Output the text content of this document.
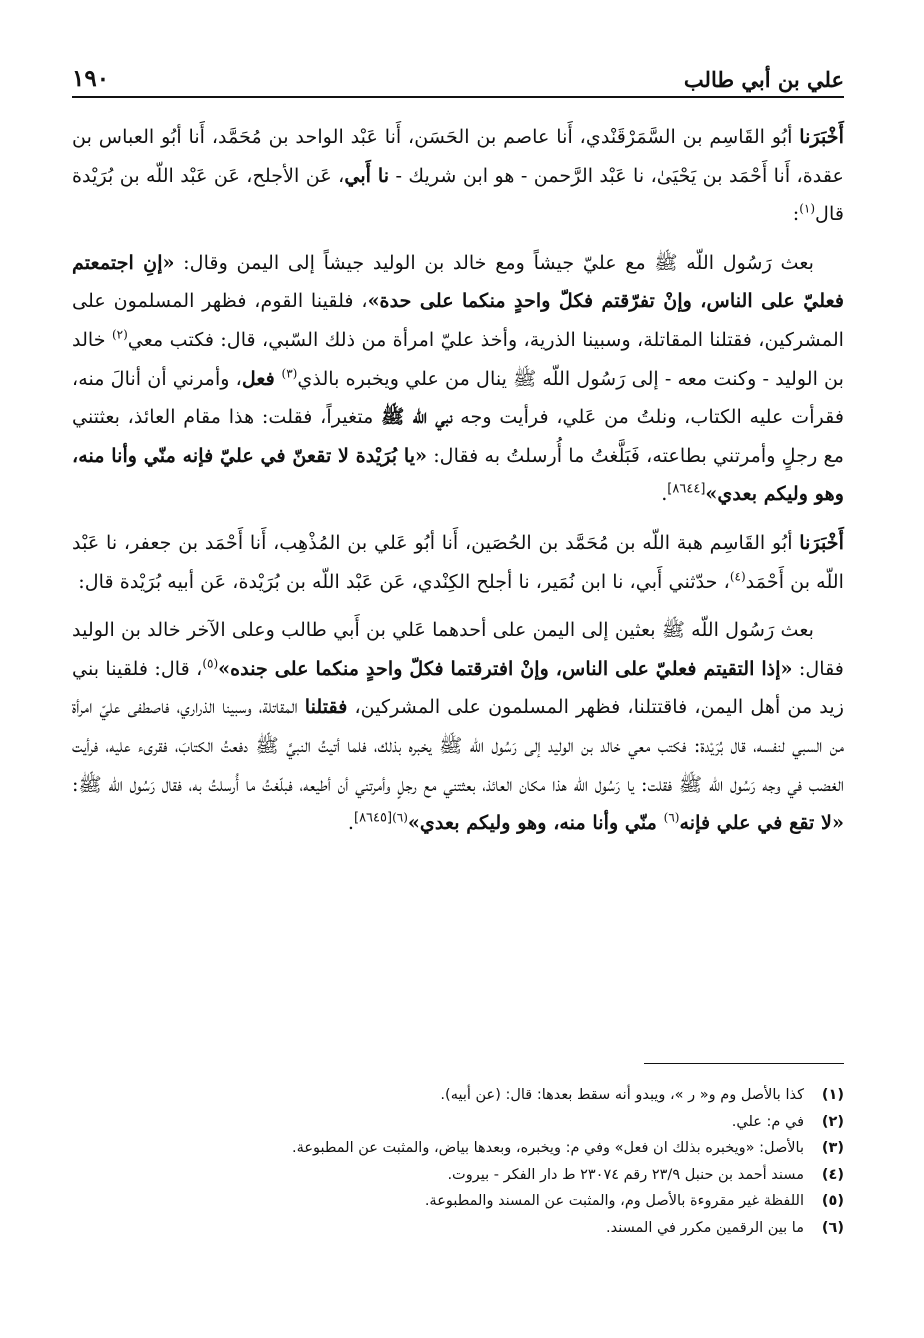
علي بن أبي طالب
١٩٠

أَخْبَرَنا أبُو القَاسِم بن السَّمَرْقَنْدي، أَنا عاصم بن الحَسَن، أَنا عَبْد الواحد بن مُحَمَّد، أَنا أبُو العباس بن عقدة، أَنا أَحْمَد بن يَحْيَىٰ، نا عَبْد الرَّحمن - هو ابن شريك - نا أَبي، عَن الأجلح، عَن عَبْد اللّه بن بُرَيْدة قال$^{(١)}$:

بعث رَسُول اللّه ﷺ مع عليّ جيشاً ومع خالد بن الوليد جيشاً إلى اليمن وقال: «إنِ اجتمعتم فعليّ على الناس، وإنْ تفرّقتم فكلّ واحدٍ منكما على حدة»، فلقينا القوم، فظهر المسلمون على المشركين، فقتلنا المقاتلة، وسبينا الذرية، وأخذ عليّ امرأة من ذلك السّبي، قال: فكتب معي$^{(٢)}$ خالد بن الوليد - وكنت معه - إلى رَسُول اللّه ﷺ ينال من علي ويخبره بالذي$^{(٣)}$ فعل، وأمرني أن أنالَ منه، فقرأت عليه الكتاب، ونلتُ من عَلي، فرأيت وجه نبي اللّه ﷺ متغيراً، فقلت: هذا مقام العائذ، بعثتني مع رجلٍ وأمرتني بطاعته، فَبَلَّغتُ ما أُرسلتُ به فقال: «يا بُرَيْدة لا تقعنّ في عليّ فإنه منّي وأنا منه، وهو وليكم بعدي»[٨٦٤٤].

أَخْبَرَنا أبُو القَاسِم هبة اللّه بن مُحَمَّد بن الحُصَين، أَنا أبُو عَلي بن المُذْهِب، أَنا أَحْمَد بن جعفر، نا عَبْد اللّه بن أَحْمَد$^{(٤)}$، حدّثني أَبي، نا ابن نُمَير، نا أجلح الكِنْدي، عَن عَبْد اللّه بن بُرَيْدة، عَن أبيه بُرَيْدة قال:

بعث رَسُول اللّه ﷺ بعثين إلى اليمن على أحدهما عَلي بن أَبي طالب وعلى الآخر خالد بن الوليد فقال: «إذا التقيتم فعليّ على الناس، وإنْ افترقتما فكلّ واحدٍ منكما على جنده»$^{(٥)}$، قال: فلقينا بني زيد من أهل اليمن، فاقتتلنا، فظهر المسلمون على المشركين، فقتلنا المقاتلة، وسبينا الذراري، فاصطفى عليّ امرأة من السبي لنفسه، قال بُرَيْدة: فكتب معي خالد بن الوليد إلى رَسُول اللّه ﷺ يخبره بذلك، فلما أتيتُ النبيَّ ﷺ دفعتُ الكتابَ، فقرىء عليه، فرأيت الغضب في وجه رَسُول اللّه ﷺ فقلت: يا رَسُول اللّه هذا مكان العائذ، بعثتني مع رجلٍ وأمرتني أن أطيعه، فبلّغتُ ما أُرسلتُ به، فقال رَسُول اللّه ﷺ: «لا تقع في علي فإنه$^{(٦)}$ منّي وأنا منه، وهو وليكم بعدي»$^{(٦)[٨٦٤٥]}$.

(١)
كذا بالأصل وم و« ر »، ويبدو أنه سقط بعدها: قال: (عن أبيه).
(٢)
في م: علي.
(٣)
بالأصل: «ويخبره بذلك ان فعل» وفي م: ويخبره، وبعدها بياض، والمثبت عن المطبوعة.
(٤)
مسند أحمد بن حنبل ٢٣/٩ رقم ٢٣٠٧٤ ط دار الفكر - بيروت.
(٥)
اللفظة غير مقروءة بالأصل وم، والمثبت عن المسند والمطبوعة.
(٦)
ما بين الرقمين مكرر في المسند.
